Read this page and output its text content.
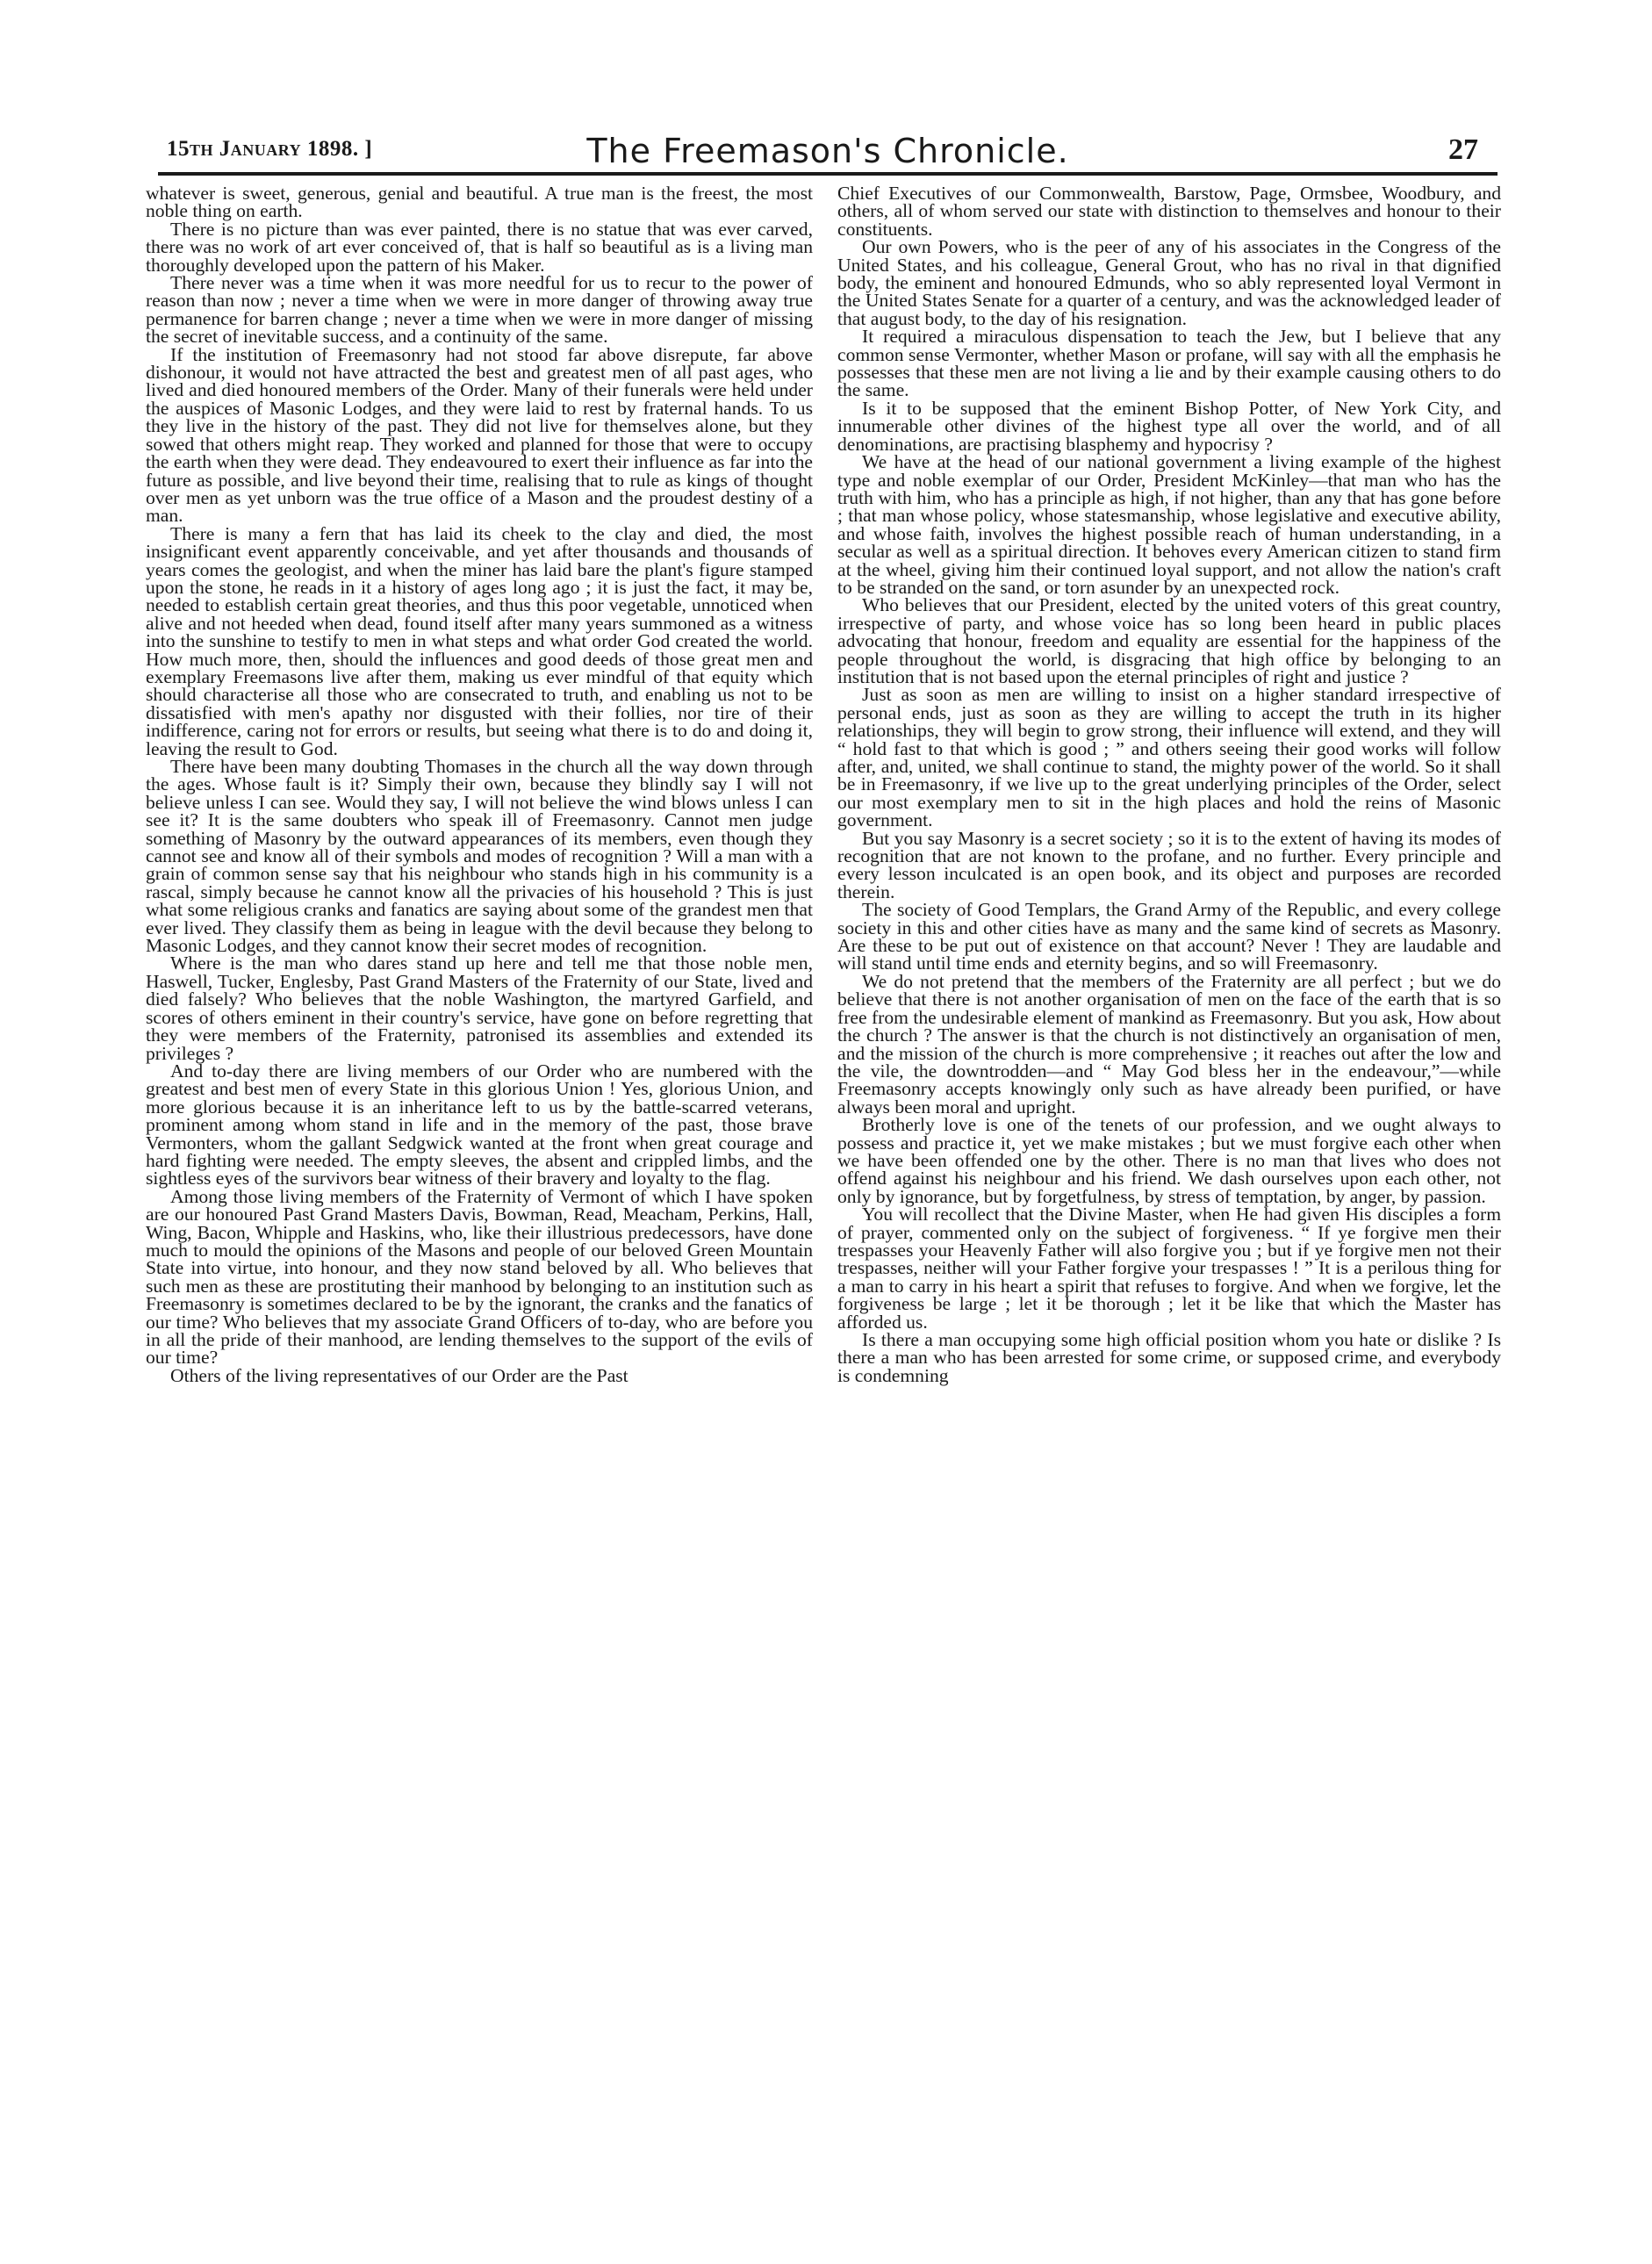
15th January 1898. ]	The Freemason's Chronicle.	27

whatever is sweet, generous, genial and beautiful. A true man is the freest, the most noble thing on earth.

There is no picture than was ever painted, there is no statue that was ever carved, there was no work of art ever conceived of, that is half so beautiful as is a living man thoroughly developed upon the pattern of his Maker.

There never was a time when it was more needful for us to recur to the power of reason than now ; never a time when we were in more danger of throwing away true permanence for barren change ; never a time when we were in more danger of missing the secret of inevitable success, and a continuity of the same.

If the institution of Freemasonry had not stood far above disrepute, far above dishonour, it would not have attracted the best and greatest men of all past ages, who lived and died honoured members of the Order. Many of their funerals were held under the auspices of Masonic Lodges, and they were laid to rest by fraternal hands. To us they live in the history of the past. They did not live for themselves alone, but they sowed that others might reap. They worked and planned for those that were to occupy the earth when they were dead. They endeavoured to exert their influence as far into the future as possible, and live beyond their time, realising that to rule as kings of thought over men as yet unborn was the true office of a Mason and the proudest destiny of a man.

There is many a fern that has laid its cheek to the clay and died, the most insignificant event apparently conceivable, and yet after thousands and thousands of years comes the geologist, and when the miner has laid bare the plant's figure stamped upon the stone, he reads in it a history of ages long ago ; it is just the fact, it may be, needed to establish certain great theories, and thus this poor vegetable, unnoticed when alive and not heeded when dead, found itself after many years summoned as a witness into the sunshine to testify to men in what steps and what order God created the world. How much more, then, should the influences and good deeds of those great men and exemplary Freemasons live after them, making us ever mindful of that equity which should characterise all those who are consecrated to truth, and enabling us not to be dissatisfied with men's apathy nor disgusted with their follies, nor tire of their indifference, caring not for errors or results, but seeing what there is to do and doing it, leaving the result to God.

There have been many doubting Thomases in the church all the way down through the ages. Whose fault is it? Simply their own, because they blindly say I will not believe unless I can see. Would they say, I will not believe the wind blows unless I can see it? It is the same doubters who speak ill of Freemasonry. Cannot men judge something of Masonry by the outward appearances of its members, even though they cannot see and know all of their symbols and modes of recognition ? Will a man with a grain of common sense say that his neighbour who stands high in his community is a rascal, simply because he cannot know all the privacies of his household ? This is just what some religious cranks and fanatics are saying about some of the grandest men that ever lived. They classify them as being in league with the devil because they belong to Masonic Lodges, and they cannot know their secret modes of recognition.

Where is the man who dares stand up here and tell me that those noble men, Haswell, Tucker, Englesby, Past Grand Masters of the Fraternity of our State, lived and died falsely? Who believes that the noble Washington, the martyred Garfield, and scores of others eminent in their country's service, have gone on before regretting that they were members of the Fraternity, patronised its assemblies and extended its privileges ?

And to-day there are living members of our Order who are numbered with the greatest and best men of every State in this glorious Union ! Yes, glorious Union, and more glorious because it is an inheritance left to us by the battle-scarred veterans, prominent among whom stand in life and in the memory of the past, those brave Vermonters, whom the gallant Sedgwick wanted at the front when great courage and hard fighting were needed. The empty sleeves, the absent and crippled limbs, and the sightless eyes of the survivors bear witness of their bravery and loyalty to the flag.

Among those living members of the Fraternity of Vermont of which I have spoken are our honoured Past Grand Masters Davis, Bowman, Read, Meacham, Perkins, Hall, Wing, Bacon, Whipple and Haskins, who, like their illustrious predecessors, have done much to mould the opinions of the Masons and people of our beloved Green Mountain State into virtue, into honour, and they now stand beloved by all. Who believes that such men as these are prostituting their manhood by belonging to an institution such as Freemasonry is sometimes declared to be by the ignorant, the cranks and the fanatics of our time? Who believes that my associate Grand Officers of to-day, who are before you in all the pride of their manhood, are lending themselves to the support of the evils of our time?

Others of the living representatives of our Order are the Past

Chief Executives of our Commonwealth, Barstow, Page, Ormsbee, Woodbury, and others, all of whom served our state with distinction to themselves and honour to their constituents.

Our own Powers, who is the peer of any of his associates in the Congress of the United States, and his colleague, General Grout, who has no rival in that dignified body, the eminent and honoured Edmunds, who so ably represented loyal Vermont in the United States Senate for a quarter of a century, and was the acknowledged leader of that august body, to the day of his resignation.

It required a miraculous dispensation to teach the Jew, but I believe that any common sense Vermonter, whether Mason or profane, will say with all the emphasis he possesses that these men are not living a lie and by their example causing others to do the same.

Is it to be supposed that the eminent Bishop Potter, of New York City, and innumerable other divines of the highest type all over the world, and of all denominations, are practising blasphemy and hypocrisy ?

We have at the head of our national government a living example of the highest type and noble exemplar of our Order, President McKinley—that man who has the truth with him, who has a principle as high, if not higher, than any that has gone before ; that man whose policy, whose statesmanship, whose legislative and executive ability, and whose faith, involves the highest possible reach of human understanding, in a secular as well as a spiritual direction. It behoves every American citizen to stand firm at the wheel, giving him their continued loyal support, and not allow the nation's craft to be stranded on the sand, or torn asunder by an unexpected rock.

Who believes that our President, elected by the united voters of this great country, irrespective of party, and whose voice has so long been heard in public places advocating that honour, freedom and equality are essential for the happiness of the people throughout the world, is disgracing that high office by belonging to an institution that is not based upon the eternal principles of right and justice ?

Just as soon as men are willing to insist on a higher standard irrespective of personal ends, just as soon as they are willing to accept the truth in its higher relationships, they will begin to grow strong, their influence will extend, and they will “ hold fast to that which is good ; ” and others seeing their good works will follow after, and, united, we shall continue to stand, the mighty power of the world. So it shall be in Freemasonry, if we live up to the great underlying principles of the Order, select our most exemplary men to sit in the high places and hold the reins of Masonic government.

But you say Masonry is a secret society ; so it is to the extent of having its modes of recognition that are not known to the profane, and no further. Every principle and every lesson inculcated is an open book, and its object and purposes are recorded therein.

The society of Good Templars, the Grand Army of the Republic, and every college society in this and other cities have as many and the same kind of secrets as Masonry. Are these to be put out of existence on that account? Never ! They are laudable and will stand until time ends and eternity begins, and so will Freemasonry.

We do not pretend that the members of the Fraternity are all perfect ; but we do believe that there is not another organisation of men on the face of the earth that is so free from the undesirable element of mankind as Freemasonry. But you ask, How about the church ? The answer is that the church is not distinctively an organisation of men, and the mission of the church is more comprehensive ; it reaches out after the low and the vile, the downtrodden—and “ May God bless her in the endeavour,”—while Freemasonry accepts knowingly only such as have already been purified, or have always been moral and upright.

Brotherly love is one of the tenets of our profession, and we ought always to possess and practice it, yet we make mistakes ; but we must forgive each other when we have been offended one by the other. There is no man that lives who does not offend against his neighbour and his friend. We dash ourselves upon each other, not only by ignorance, but by forgetfulness, by stress of temptation, by anger, by passion.

You will recollect that the Divine Master, when He had given His disciples a form of prayer, commented only on the subject of forgiveness. “ If ye forgive men their trespasses your Heavenly Father will also forgive you ; but if ye forgive men not their trespasses, neither will your Father forgive your trespasses ! ” It is a perilous thing for a man to carry in his heart a spirit that refuses to forgive. And when we forgive, let the forgiveness be large ; let it be thorough ; let it be like that which the Master has afforded us.

Is there a man occupying some high official position whom you hate or dislike ? Is there a man who has been arrested for some crime, or supposed crime, and everybody is condemning
